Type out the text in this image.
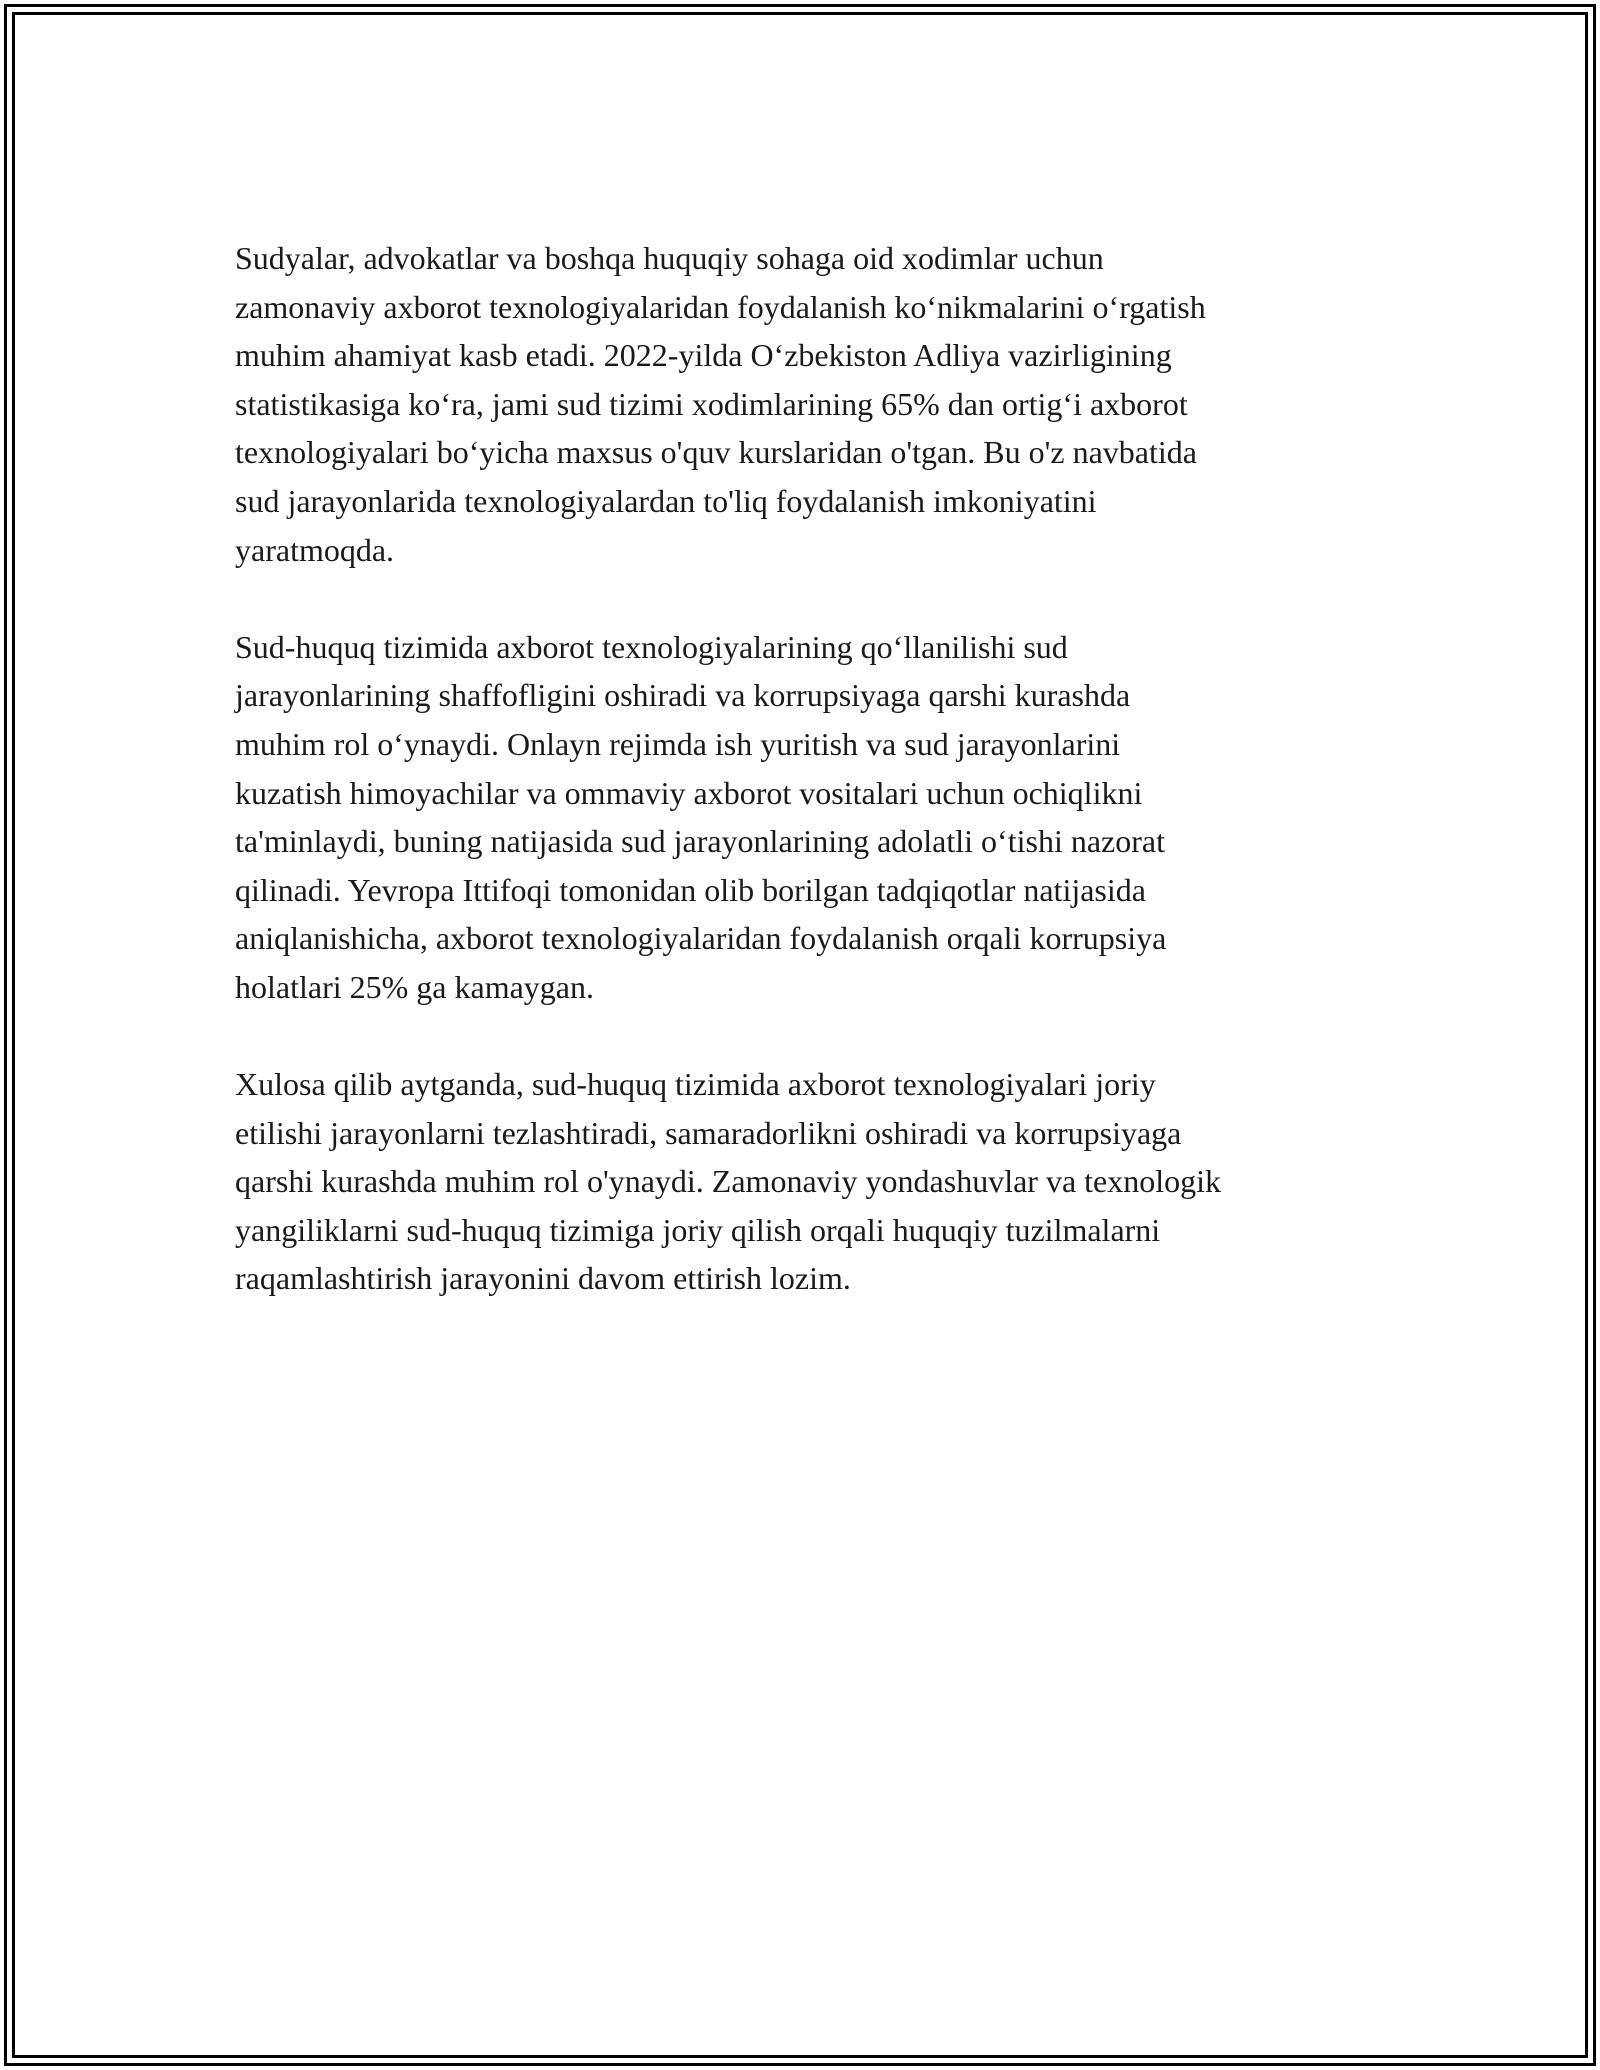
Sudyalar, advokatlar va boshqa huquqiy sohaga oid xodimlar uchun
zamonaviy axborot texnologiyalaridan foydalanish ko‘nikmalarini o‘rgatish
muhim ahamiyat kasb etadi. 2022-yilda O‘zbekiston Adliya vazirligining
statistikasiga ko‘ra, jami sud tizimi xodimlarining 65% dan ortig‘i axborot
texnologiyalari bo‘yicha maxsus o'quv kurslaridan o'tgan. Bu o'z navbatida
sud jarayonlarida texnologiyalardan to'liq foydalanish imkoniyatini
yaratmoqda.

Sud-huquq tizimida axborot texnologiyalarining qo‘llanilishi sud
jarayonlarining shaffofligini oshiradi va korrupsiyaga qarshi kurashda
muhim rol o‘ynaydi. Onlayn rejimda ish yuritish va sud jarayonlarini
kuzatish himoyachilar va ommaviy axborot vositalari uchun ochiqlikni
ta'minlaydi, buning natijasida sud jarayonlarining adolatli o‘tishi nazorat
qilinadi. Yevropa Ittifoqi tomonidan olib borilgan tadqiqotlar natijasida
aniqlanishicha, axborot texnologiyalaridan foydalanish orqali korrupsiya
holatlari 25% ga kamaygan.

Xulosa qilib aytganda, sud-huquq tizimida axborot texnologiyalari joriy
etilishi jarayonlarni tezlashtiradi, samaradorlikni oshiradi va korrupsiyaga
qarshi kurashda muhim rol o'ynaydi. Zamonaviy yondashuvlar va texnologik
yangiliklarni sud-huquq tizimiga joriy qilish orqali huquqiy tuzilmalarni
raqamlashtirish jarayonini davom ettirish lozim.
